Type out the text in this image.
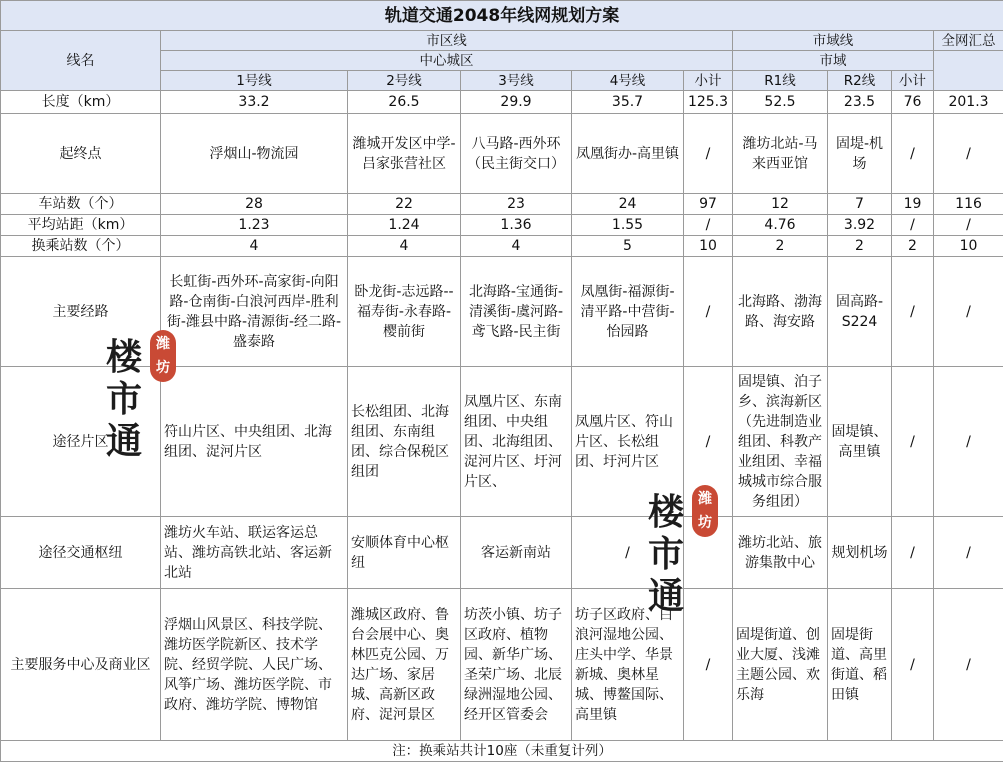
轨道交通2048年线网规划方案									
线名	市区线					市域线			全网汇总
	中心城区					市域			
	1号线	2号线	3号线	4号线	小计	R1线	R2线	小计	
长度（km）	33.2	26.5	29.9	35.7	125.3	52.5	23.5	76	201.3
起终点	浮烟山-物流园	潍城开发区中学-吕家张营社区	八马路-西外环（民主街交口）	凤凰街办-高里镇	/	潍坊北站-马来西亚馆	固堤-机场	/	/
车站数（个）	28	22	23	24	97	12	7	19	116
平均站距（km）	1.23	1.24	1.36	1.55	/	4.76	3.92	/	/
换乘站数（个）	4	4	4	5	10	2	2	2	10
主要经路	长虹街-西外环-高家街-向阳路-仓南街-白浪河西岸-胜利街-潍县中路-清源街-经二路-盛泰路	卧龙街-志远路--福寿街-永春路-樱前街	北海路-宝通街-清溪街-虞河路-鸢飞路-民主街	凤凰街-福源街-清平路-中营街-怡园路	/	北海路、渤海路、海安路	固高路-S224	/	/
途径片区	符山片区、中央组团、北海组团、浞河片区	长松组团、北海组团、东南组团、综合保税区组团	凤凰片区、东南组团、中央组团、北海组团、浞河片区、圩河片区、	凤凰片区、符山片区、长松组团、圩河片区	/	固堤镇、泊子乡、滨海新区（先进制造业组团、科教产业组团、幸福城城市综合服务组团）	固堤镇、高里镇	/	/
途径交通枢纽	潍坊火车站、联运客运总站、潍坊高铁北站、客运新北站	安顺体育中心枢纽	客运新南站	/		潍坊北站、旅游集散中心	规划机场	/	/
主要服务中心及商业区	浮烟山风景区、科技学院、潍坊医学院新区、技术学院、经贸学院、人民广场、风筝广场、潍坊医学院、市政府、潍坊学院、博物馆	潍城区政府、鲁台会展中心、奥林匹克公园、万达广场、家居城、高新区政府、浞河景区	坊茨小镇、坊子区政府、植物园、新华广场、圣荣广场、北辰绿洲湿地公园、经开区管委会	坊子区政府、白浪河湿地公园、庄头中学、华景新城、奥林星城、博鳌国际、高里镇	/	固堤街道、创业大厦、浅滩主题公园、欢乐海	固堤街道、高里街道、稻田镇	/	/
注：换乘站共计10座（未重复计列）									
潍坊
楼
市
通
潍坊
楼
市
通
